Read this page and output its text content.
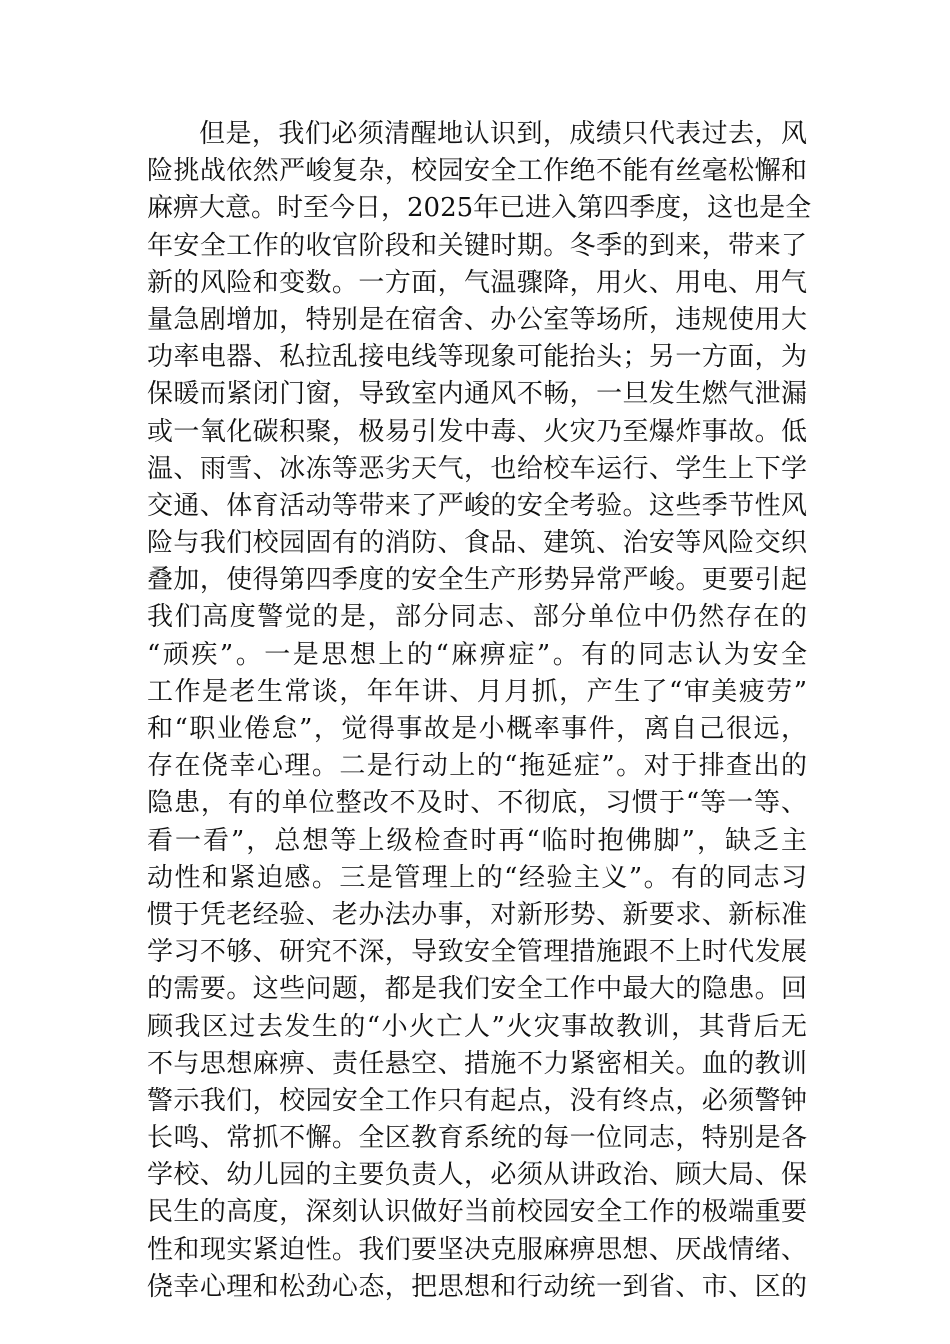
但是，我们必须清醒地认识到，成绩只代表过去，风
险挑战依然严峻复杂，校园安全工作绝不能有丝毫松懈和
麻痹大意。时至今日，2025年已进入第四季度，这也是全
年安全工作的收官阶段和关键时期。冬季的到来，带来了
新的风险和变数。一方面，气温骤降，用火、用电、用气
量急剧增加，特别是在宿舍、办公室等场所，违规使用大
功率电器、私拉乱接电线等现象可能抬头；另一方面，为
保暖而紧闭门窗，导致室内通风不畅，一旦发生燃气泄漏
或一氧化碳积聚，极易引发中毒、火灾乃至爆炸事故。低
温、雨雪、冰冻等恶劣天气，也给校车运行、学生上下学
交通、体育活动等带来了严峻的安全考验。这些季节性风
险与我们校园固有的消防、食品、建筑、治安等风险交织
叠加，使得第四季度的安全生产形势异常严峻。更要引起
我们高度警觉的是，部分同志、部分单位中仍然存在的
“顽疾”。一是思想上的“麻痹症”。有的同志认为安全
工作是老生常谈，年年讲、月月抓，产生了“审美疲劳”
和“职业倦怠”，觉得事故是小概率事件，离自己很远，
存在侥幸心理。二是行动上的“拖延症”。对于排查出的
隐患，有的单位整改不及时、不彻底，习惯于“等一等、
看一看”，总想等上级检查时再“临时抱佛脚”，缺乏主
动性和紧迫感。三是管理上的“经验主义”。有的同志习
惯于凭老经验、老办法办事，对新形势、新要求、新标准
学习不够、研究不深，导致安全管理措施跟不上时代发展
的需要。这些问题，都是我们安全工作中最大的隐患。回
顾我区过去发生的“小火亡人”火灾事故教训，其背后无
不与思想麻痹、责任悬空、措施不力紧密相关。血的教训
警示我们，校园安全工作只有起点，没有终点，必须警钟
长鸣、常抓不懈。全区教育系统的每一位同志，特别是各
学校、幼儿园的主要负责人，必须从讲政治、顾大局、保
民生的高度，深刻认识做好当前校园安全工作的极端重要
性和现实紧迫性。我们要坚决克服麻痹思想、厌战情绪、
侥幸心理和松劲心态，把思想和行动统一到省、市、区的
